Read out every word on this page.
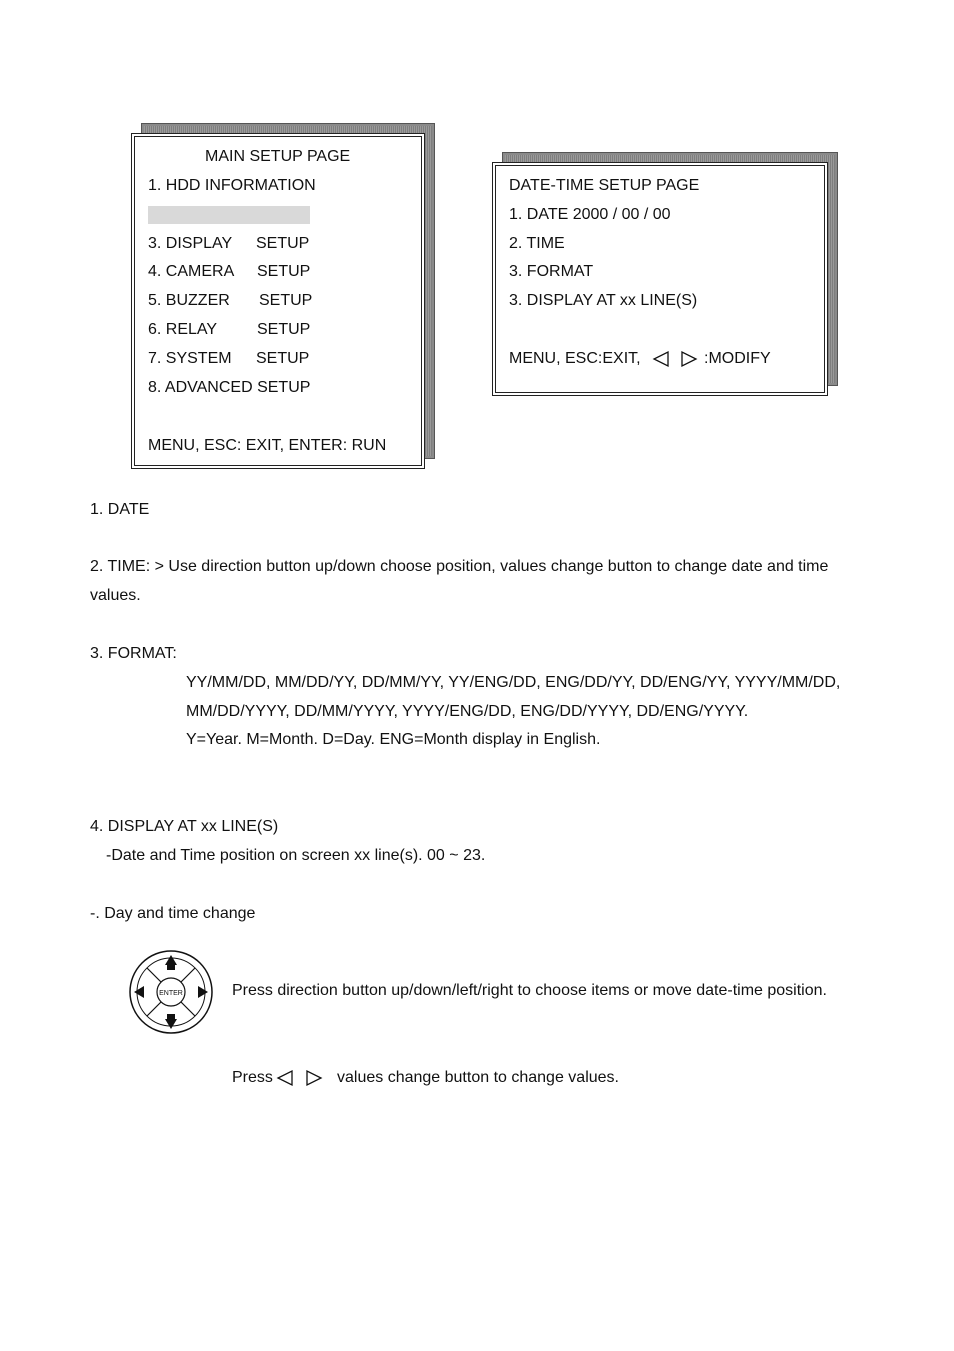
MAIN SETUP PAGE
1. HDD INFORMATION
3. DISPLAY SETUP
4. CAMERA SETUP
5. BUZZER SETUP
6. RELAY SETUP
7. SYSTEM SETUP
8. ADVANCED SETUP
MENU, ESC: EXIT, ENTER: RUN
DATE-TIME SETUP PAGE
1. DATE 2000 / 00 / 00
2. TIME
3. FORMAT
3. DISPLAY AT xx LINE(S)
MENU, ESC:EXIT,	:MODIFY
1. DATE
2. TIME: > Use direction button up/down choose position, values change button to change date and time
values.
3. FORMAT:
YY/MM/DD, MM/DD/YY, DD/MM/YY, YY/ENG/DD, ENG/DD/YY, DD/ENG/YY, YYYY/MM/DD,
MM/DD/YYYY, DD/MM/YYYY, YYYY/ENG/DD, ENG/DD/YYYY, DD/ENG/YYYY.
Y=Year. M=Month. D=Day. ENG=Month display in English.
4. DISPLAY AT xx LINE(S)
-Date and Time position on screen xx line(s). 00 ~ 23.
-. Day and time change
ENTER	Press direction button up/down/left/right to choose items or move date-time position.
Press	values change button to change values.
